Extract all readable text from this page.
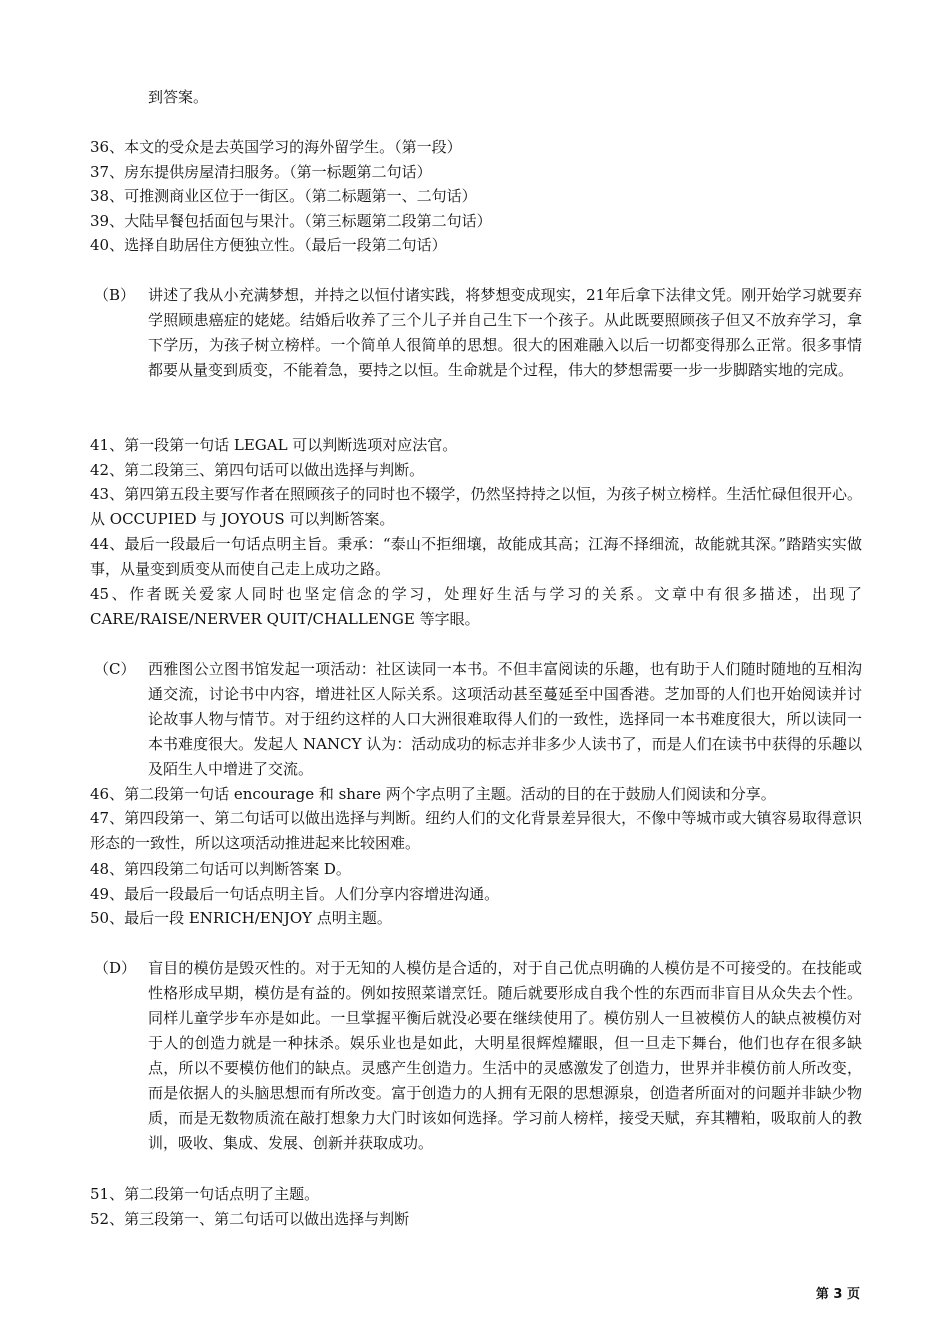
到答案。
36、本文的受众是去英国学习的海外留学生。（第一段）
37、房东提供房屋清扫服务。（第一标题第二句话）
38、可推测商业区位于一街区。（第二标题第一、二句话）
39、大陆早餐包括面包与果汁。（第三标题第二段第二句话）
40、选择自助居住方便独立性。（最后一段第二句话）
（B） 讲述了我从小充满梦想，并持之以恒付诸实践，将梦想变成现实，21年后拿下法律文凭。刚开始学习就要弃学照顾患癌症的姥姥。结婚后收养了三个儿子并自己生下一个孩子。从此既要照顾孩子但又不放弃学习，拿下学历，为孩子树立榜样。一个简单人很简单的思想。很大的困难融入以后一切都变得那么正常。很多事情都要从量变到质变，不能着急，要持之以恒。生命就是个过程，伟大的梦想需要一步一步脚踏实地的完成。
41、第一段第一句话 LEGAL 可以判断选项对应法官。
42、第二段第三、第四句话可以做出选择与判断。
43、第四第五段主要写作者在照顾孩子的同时也不辍学，仍然坚持持之以恒，为孩子树立榜样。生活忙碌但很开心。从 OCCUPIED 与 JOYOUS 可以判断答案。
44、最后一段最后一句话点明主旨。秉承：“泰山不拒细壤，故能成其高；江海不择细流，故能就其深。”踏踏实实做事，从量变到质变从而使自己走上成功之路。
45、作者既关爱家人同时也坚定信念的学习，处理好生活与学习的关系。文章中有很多描述，出现了CARE/RAISE/NERVER QUIT/CHALLENGE 等字眼。
（C） 西雅图公立图书馆发起一项活动：社区读同一本书。不但丰富阅读的乐趣，也有助于人们随时随地的互相沟通交流，讨论书中内容，增进社区人际关系。这项活动甚至蔓延至中国香港。芝加哥的人们也开始阅读并讨论故事人物与情节。对于纽约这样的人口大洲很难取得人们的一致性，选择同一本书难度很大，所以读同一本书难度很大。发起人 NANCY 认为：活动成功的标志并非多少人读书了，而是人们在读书中获得的乐趣以及陌生人中增进了交流。
46、第二段第一句话 encourage 和 share 两个字点明了主题。活动的目的在于鼓励人们阅读和分享。
47、第四段第一、第二句话可以做出选择与判断。纽约人们的文化背景差异很大，不像中等城市或大镇容易取得意识形态的一致性，所以这项活动推进起来比较困难。
48、第四段第二句话可以判断答案 D。
49、最后一段最后一句话点明主旨。人们分享内容增进沟通。
50、最后一段 ENRICH/ENJOY 点明主题。
（D） 盲目的模仿是毁灭性的。对于无知的人模仿是合适的，对于自己优点明确的人模仿是不可接受的。在技能或性格形成早期，模仿是有益的。例如按照菜谱烹饪。随后就要形成自我个性的东西而非盲目从众失去个性。同样儿童学步车亦是如此。一旦掌握平衡后就没必要在继续使用了。模仿别人一旦被模仿人的缺点被模仿对于人的创造力就是一种抹杀。娱乐业也是如此，大明星很辉煌耀眼，但一旦走下舞台，他们也存在很多缺点，所以不要模仿他们的缺点。灵感产生创造力。生活中的灵感激发了创造力，世界并非模仿前人所改变，而是依据人的头脑思想而有所改变。富于创造力的人拥有无限的思想源泉，创造者所面对的问题并非缺少物质，而是无数物质流在敲打想象力大门时该如何选择。学习前人榜样，接受天赋，弃其糟粕，吸取前人的教训，吸收、集成、发展、创新并获取成功。
51、第二段第一句话点明了主题。
52、第三段第一、第二句话可以做出选择与判断
第 3 页
